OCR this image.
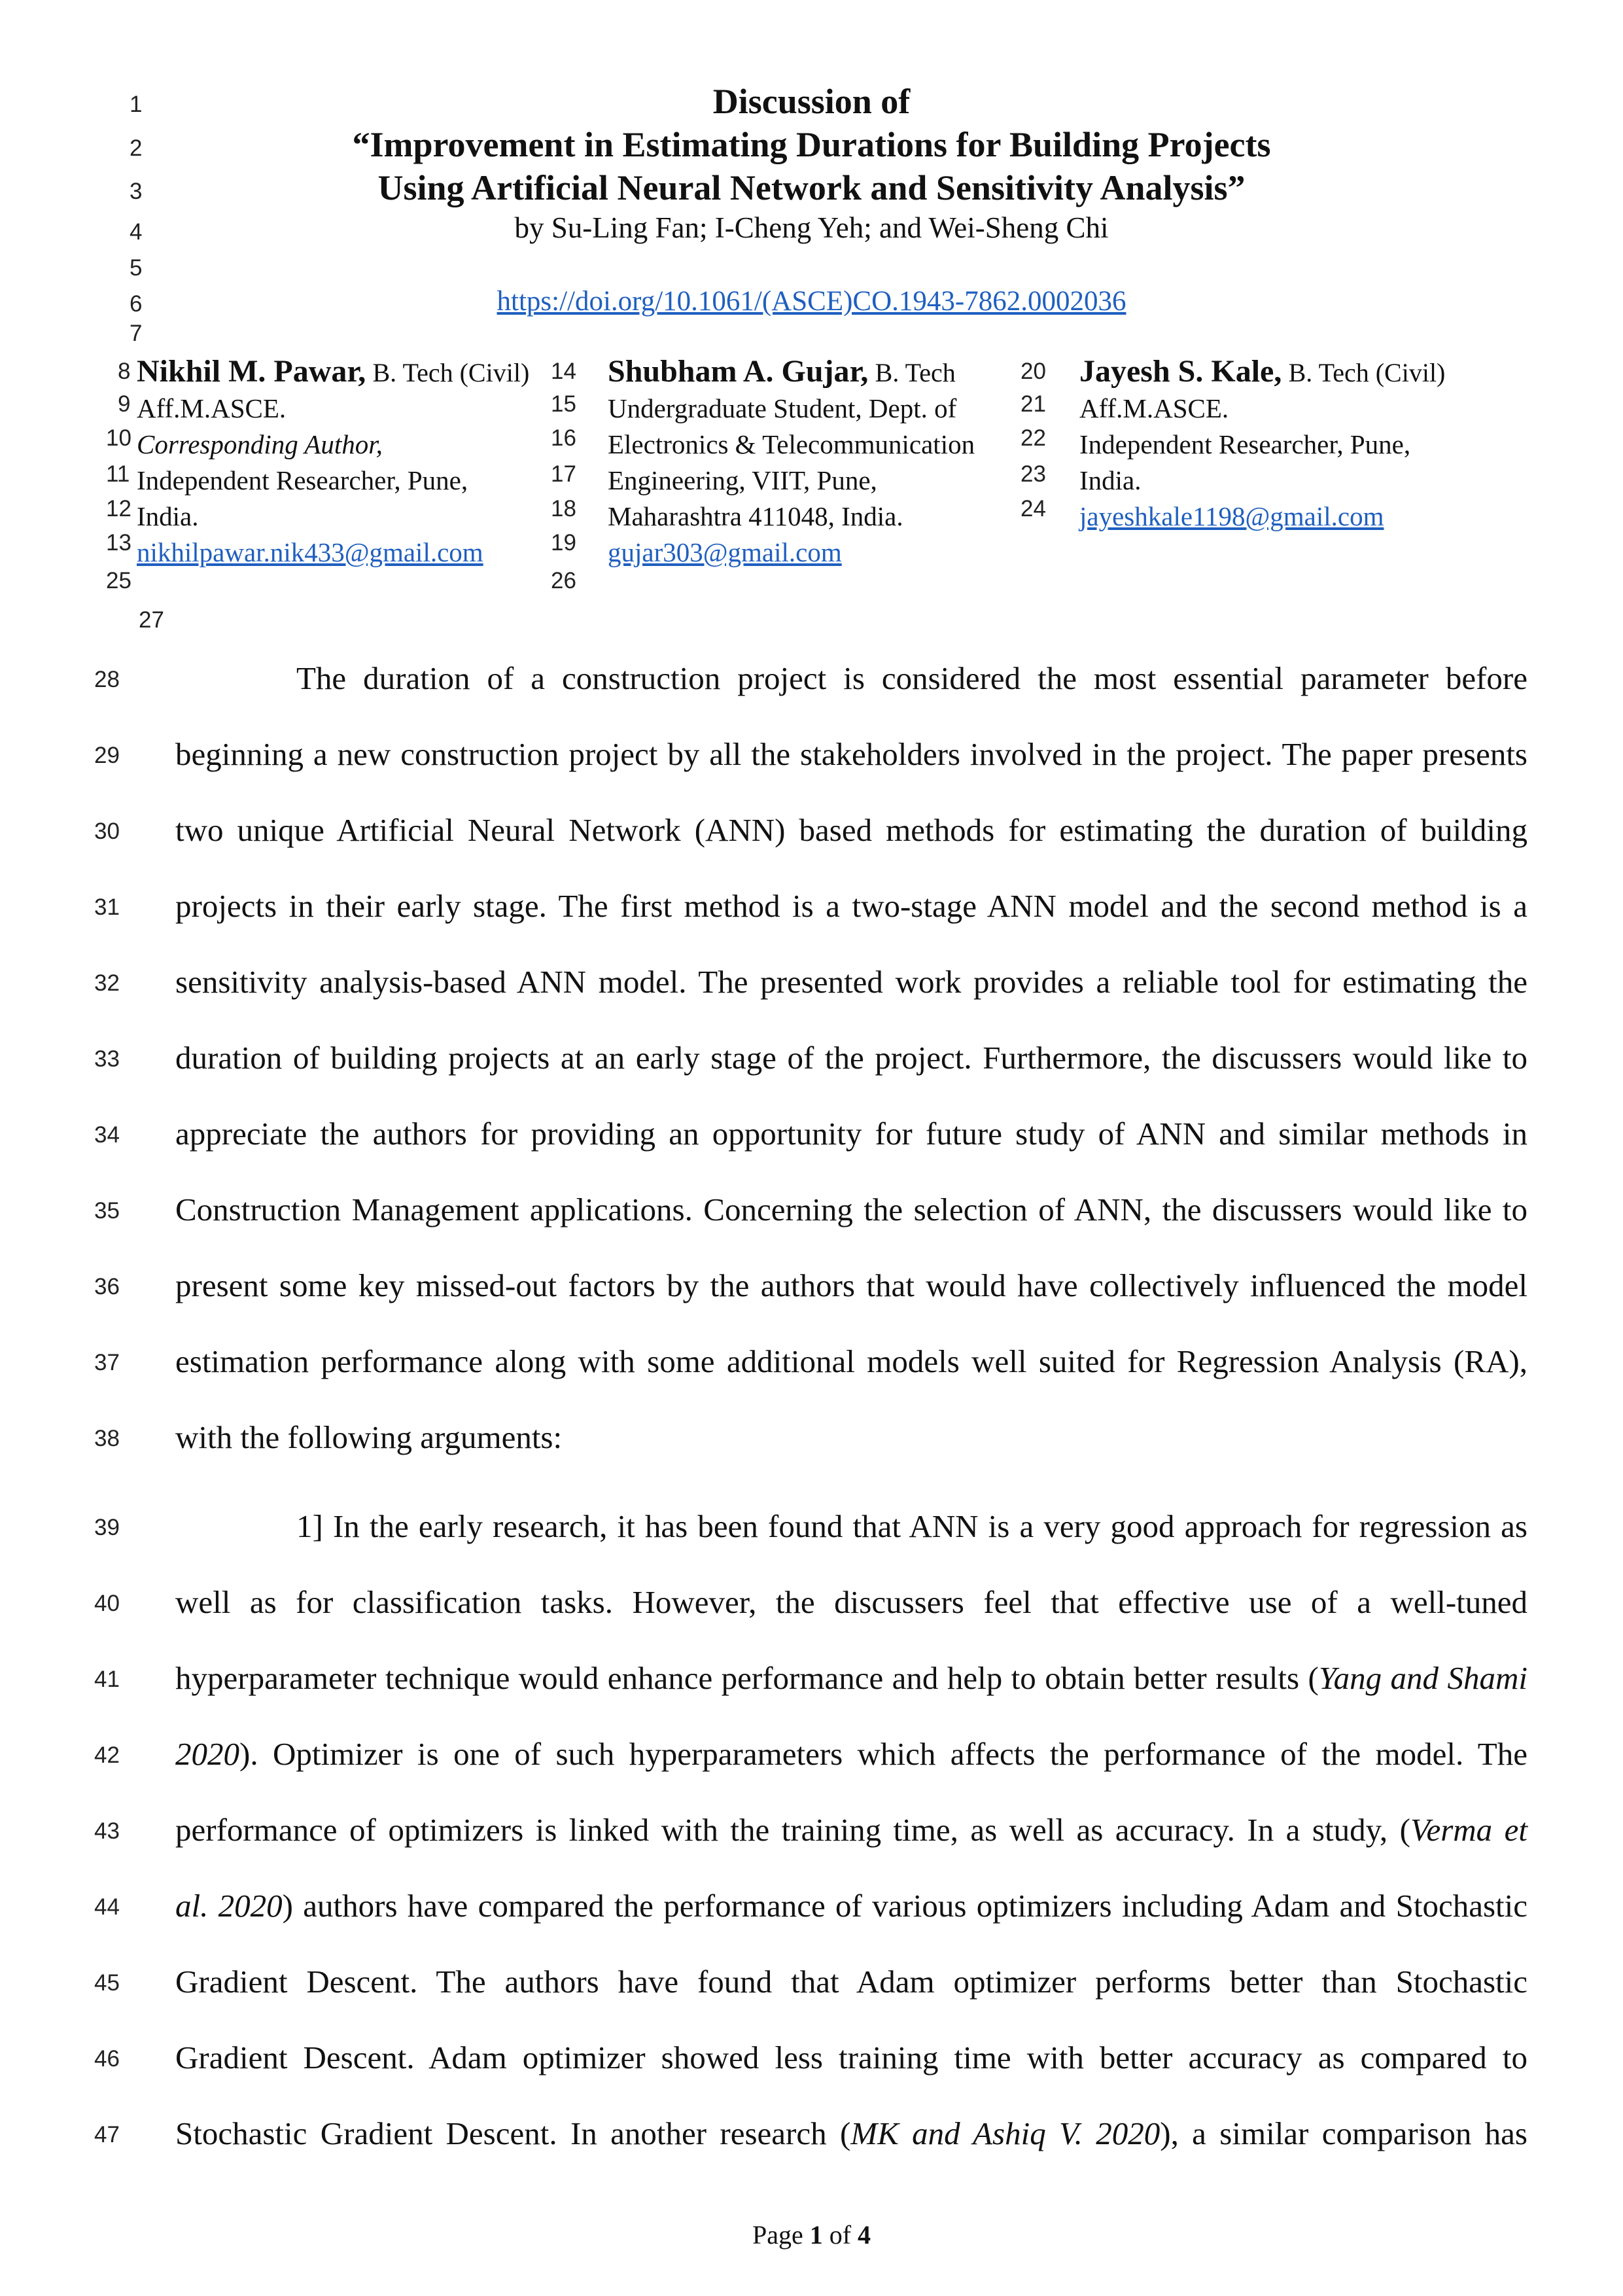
1
2
3
4
5
6
7
Discussion of
“Improvement in Estimating Durations for Building Projects
Using Artificial Neural Network and Sensitivity Analysis”
by Su-Ling Fan; I-Cheng Yeh; and Wei-Sheng Chi
https://doi.org/10.1061/(ASCE)CO.1943-7862.0002036
8
9
10
11
12
13
25
Nikhil M. Pawar, B. Tech (Civil)
Aff.M.ASCE.
Corresponding Author,
Independent Researcher, Pune,
India.
nikhilpawar.nik433@gmail.com
14
15
16
17
18
19
26
Shubham A. Gujar, B. Tech
Undergraduate Student, Dept. of
Electronics & Telecommunication
Engineering, VIIT, Pune,
Maharashtra 411048, India.
gujar303@gmail.com
20
21
22
23
24
Jayesh S. Kale, B. Tech (Civil)
Aff.M.ASCE.
Independent Researcher, Pune,
India.
jayeshkale1198@gmail.com
27
28	The duration of a construction project is considered the most essential parameter before
29 beginning a new construction project by all the stakeholders involved in the project. The paper presents
30 two unique Artificial Neural Network (ANN) based methods for estimating the duration of building
31 projects in their early stage. The first method is a two-stage ANN model and the second method is a
32 sensitivity analysis-based ANN model. The presented work provides a reliable tool for estimating the
33 duration of building projects at an early stage of the project. Furthermore, the discussers would like to
34 appreciate the authors for providing an opportunity for future study of ANN and similar methods in
35 Construction Management applications. Concerning the selection of ANN, the discussers would like to
36 present some key missed-out factors by the authors that would have collectively influenced the model
37 estimation performance along with some additional models well suited for Regression Analysis (RA),
38 with the following arguments:
39	1] In the early research, it has been found that ANN is a very good approach for regression as
40 well as for classification tasks. However, the discussers feel that effective use of a well-tuned
41 hyperparameter technique would enhance performance and help to obtain better results (Yang and Shami
42 2020). Optimizer is one of such hyperparameters which affects the performance of the model. The
43 performance of optimizers is linked with the training time, as well as accuracy. In a study, (Verma et
44 al. 2020) authors have compared the performance of various optimizers including Adam and Stochastic
45 Gradient Descent. The authors have found that Adam optimizer performs better than Stochastic
46 Gradient Descent. Adam optimizer showed less training time with better accuracy as compared to
47 Stochastic Gradient Descent. In another research (MK and Ashiq V. 2020), a similar comparison has
Page 1 of 4
